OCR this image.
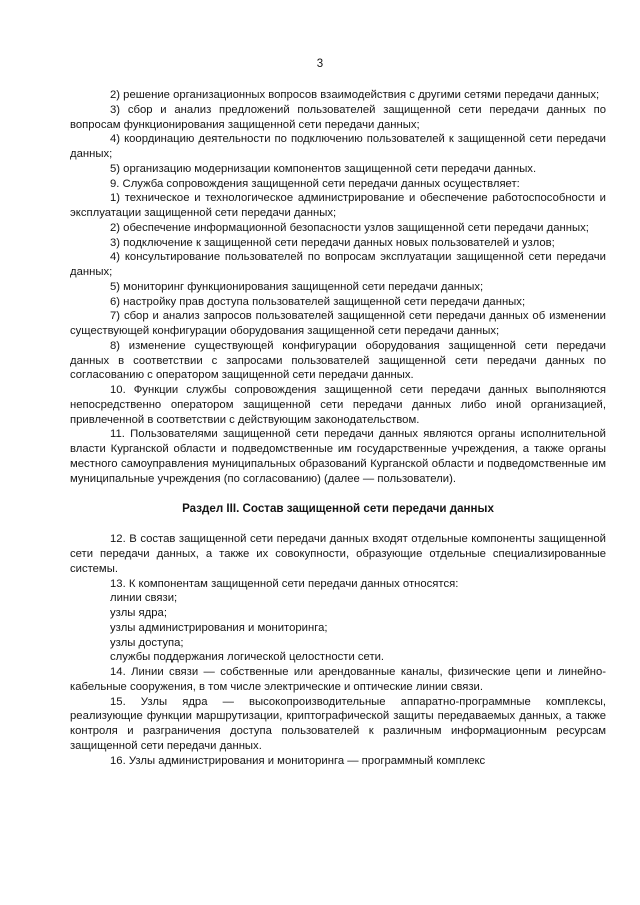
3

2) решение организационных вопросов взаимодействия с другими сетями передачи данных;

3) сбор и анализ предложений пользователей защищенной сети передачи данных по вопросам функционирования защищенной сети передачи данных;

4) координацию деятельности по подключению пользователей к защищенной сети передачи данных;

5) организацию модернизации компонентов защищенной сети передачи данных.

9. Служба сопровождения защищенной сети передачи данных осуществляет:

1) техническое и технологическое администрирование и обеспечение работоспособности и эксплуатации защищенной сети передачи данных;

2) обеспечение информационной безопасности узлов защищенной сети передачи данных;

3) подключение к защищенной сети передачи данных новых пользователей и узлов;

4) консультирование пользователей по вопросам эксплуатации защищенной сети передачи данных;

5) мониторинг функционирования защищенной сети передачи данных;

6) настройку прав доступа пользователей защищенной сети передачи данных;

7) сбор и анализ запросов пользователей защищенной сети передачи данных об изменении существующей конфигурации оборудования защищенной сети передачи данных;

8) изменение существующей конфигурации оборудования защищенной сети передачи данных в соответствии с запросами пользователей защищенной сети передачи данных по согласованию с оператором защищенной сети передачи данных.

10. Функции службы сопровождения защищенной сети передачи данных выполняются непосредственно оператором защищенной сети передачи данных либо иной организацией, привлеченной в соответствии с действующим законодательством.

11. Пользователями защищенной сети передачи данных являются органы исполнительной власти Курганской области и подведомственные им государственные учреждения, а также органы местного самоуправления муниципальных образований Курганской области и подведомственные им муниципальные учреждения (по согласованию) (далее — пользователи).

Раздел III. Состав защищенной сети передачи данных

12. В состав защищенной сети передачи данных входят отдельные компоненты защищенной сети передачи данных, а также их совокупности, образующие отдельные специализированные системы.

13. К компонентам защищенной сети передачи данных относятся:

линии связи;

узлы ядра;

узлы администрирования и мониторинга;

узлы доступа;

службы поддержания логической целостности сети.

14. Линии связи — собственные или арендованные каналы, физические цепи и линейно-кабельные сооружения, в том числе электрические и оптические линии связи.

15. Узлы ядра — высокопроизводительные аппаратно-программные комплексы, реализующие функции маршрутизации, криптографической защиты передаваемых данных, а также контроля и разграничения доступа пользователей к различным информационным ресурсам защищенной сети передачи данных.

16. Узлы администрирования и мониторинга — программный комплекс
